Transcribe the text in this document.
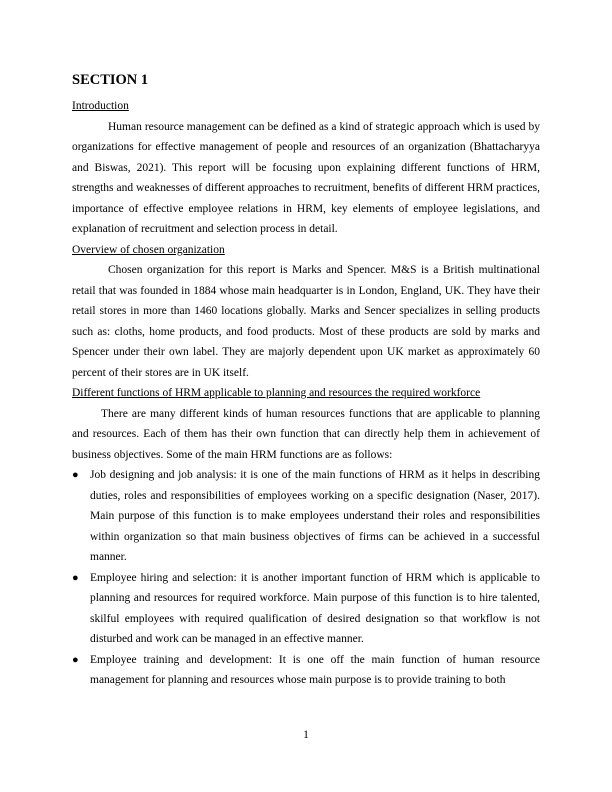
SECTION 1

Introduction

Human resource management can be defined as a kind of strategic approach which is used by organizations for effective management of people and resources of an organization (Bhattacharyya and Biswas, 2021). This report will be focusing upon explaining different functions of HRM, strengths and weaknesses of different approaches to recruitment, benefits of different HRM practices, importance of effective employee relations in HRM, key elements of employee legislations, and explanation of recruitment and selection process in detail.

Overview of chosen organization

Chosen organization for this report is Marks and Spencer. M&S is a British multinational retail that was founded in 1884 whose main headquarter is in London, England, UK. They have their retail stores in more than 1460 locations globally. Marks and Sencer specializes in selling products such as: cloths, home products, and food products. Most of these products are sold by marks and Spencer under their own label. They are majorly dependent upon UK market as approximately 60 percent of their stores are in UK itself.

Different functions of HRM applicable to planning and resources the required workforce

There are many different kinds of human resources functions that are applicable to planning and resources. Each of them has their own function that can directly help them in achievement of business objectives. Some of the main HRM functions are as follows:

● Job designing and job analysis: it is one of the main functions of HRM as it helps in describing duties, roles and responsibilities of employees working on a specific designation (Naser, 2017). Main purpose of this function is to make employees understand their roles and responsibilities within organization so that main business objectives of firms can be achieved in a successful manner.
● Employee hiring and selection: it is another important function of HRM which is applicable to planning and resources for required workforce. Main purpose of this function is to hire talented, skilful employees with required qualification of desired designation so that workflow is not disturbed and work can be managed in an effective manner.
● Employee training and development: It is one off the main function of human resource management for planning and resources whose main purpose is to provide training to both
1
